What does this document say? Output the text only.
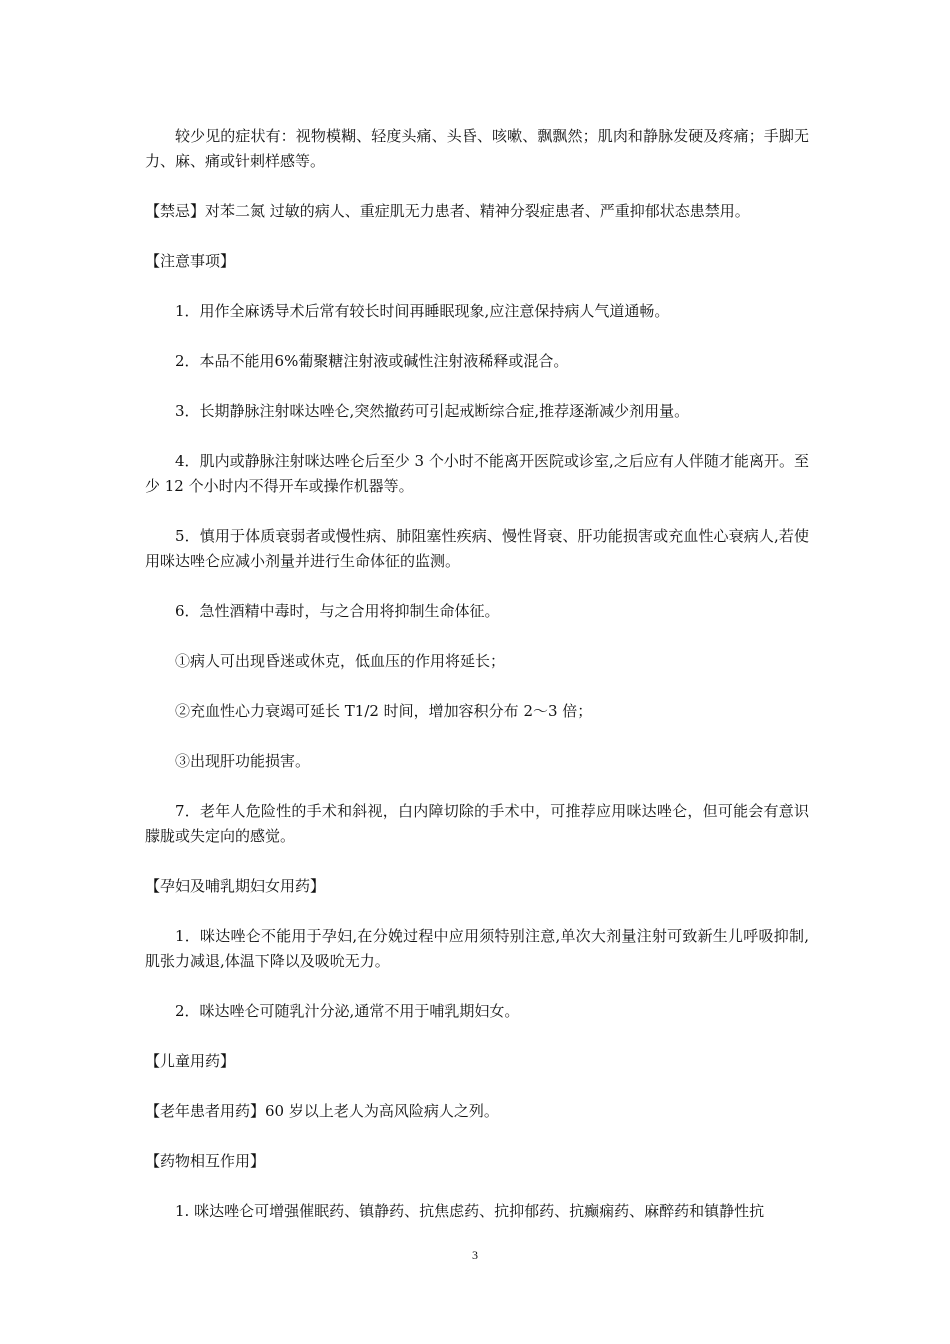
较少见的症状有：视物模糊、轻度头痛、头昏、咳嗽、飘飘然；肌肉和静脉发硬及疼痛；手脚无力、麻、痛或针刺样感等。

【禁忌】对苯二氮 过敏的病人、重症肌无力患者、精神分裂症患者、严重抑郁状态患禁用。

【注意事项】

1．用作全麻诱导术后常有较长时间再睡眠现象,应注意保持病人气道通畅。

2．本品不能用6%葡聚糖注射液或碱性注射液稀释或混合。

3．长期静脉注射咪达唑仑,突然撤药可引起戒断综合症,推荐逐渐减少剂用量。

4．肌内或静脉注射咪达唑仑后至少 3 个小时不能离开医院或诊室,之后应有人伴随才能离开。至少 12 个小时内不得开车或操作机器等。

5．慎用于体质衰弱者或慢性病、肺阻塞性疾病、慢性肾衰、肝功能损害或充血性心衰病人,若使用咪达唑仑应减小剂量并进行生命体征的监测。

6．急性酒精中毒时，与之合用将抑制生命体征。

①病人可出现昏迷或休克，低血压的作用将延长；

②充血性心力衰竭可延长 T1/2 时间，增加容积分布 2～3 倍；

③出现肝功能损害。

7．老年人危险性的手术和斜视，白内障切除的手术中，可推荐应用咪达唑仑，但可能会有意识朦胧或失定向的感觉。

【孕妇及哺乳期妇女用药】

1．咪达唑仑不能用于孕妇,在分娩过程中应用须特别注意,单次大剂量注射可致新生儿呼吸抑制,肌张力减退,体温下降以及吸吮无力。

2．咪达唑仑可随乳汁分泌,通常不用于哺乳期妇女。

【儿童用药】

【老年患者用药】60 岁以上老人为高风险病人之列。

【药物相互作用】

1. 咪达唑仑可增强催眠药、镇静药、抗焦虑药、抗抑郁药、抗癫痫药、麻醉药和镇静性抗

3
